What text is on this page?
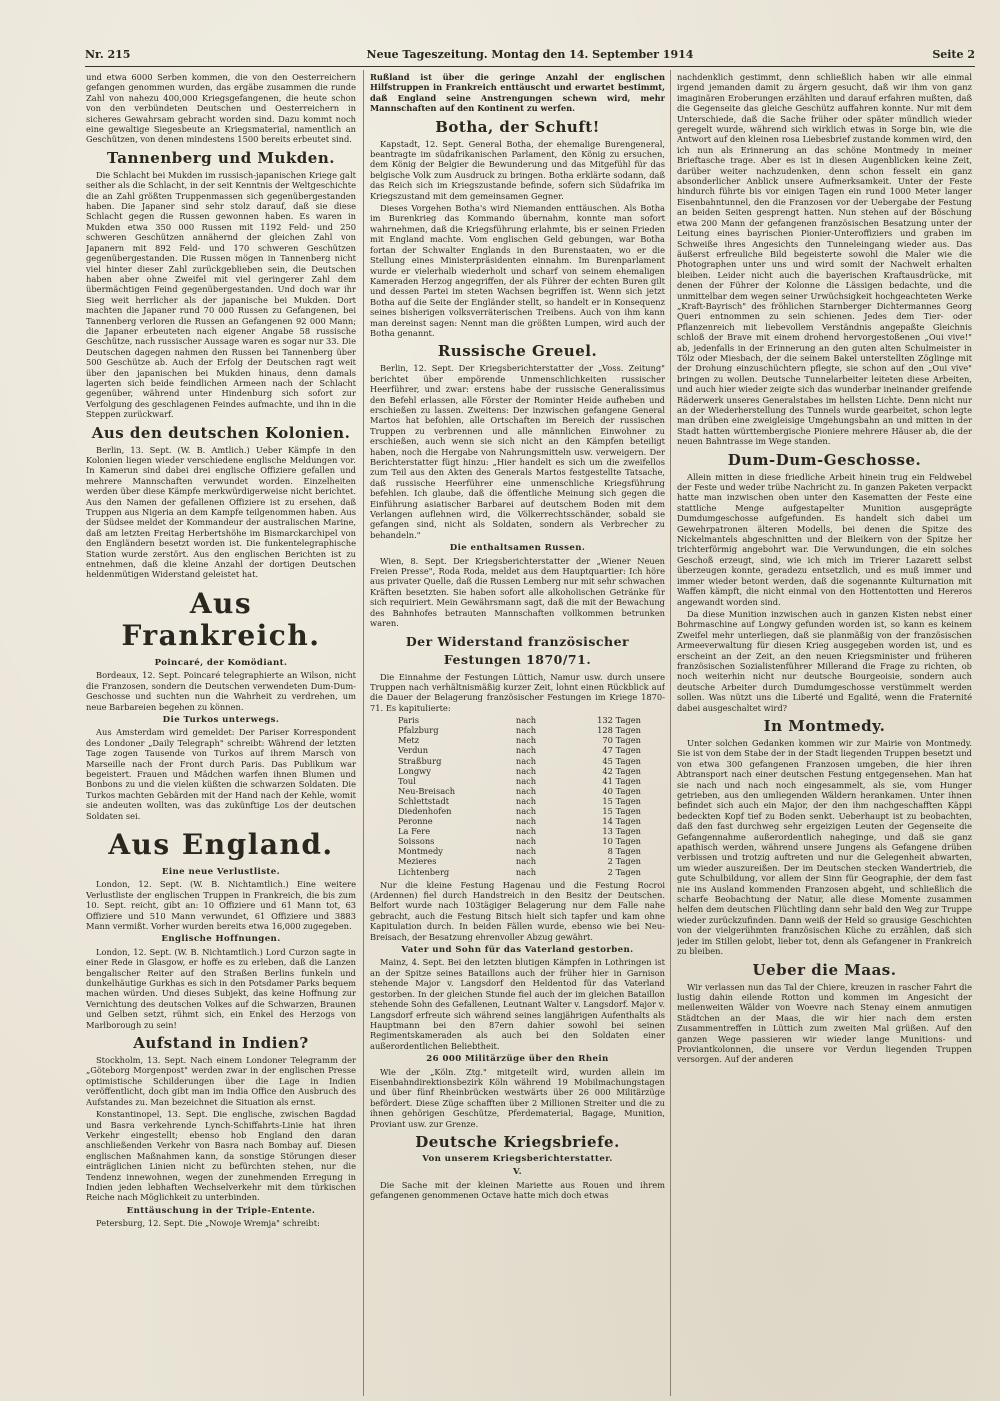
Nr. 215	Neue Tageszeitung. Montag den 14. September 1914	Seite 2

und etwa 6000 Serben kommen, die von den Oesterreichern gefangen genommen wurden, das ergäbe zusammen die runde Zahl von nahezu 400,000 Kriegsgefangenen, die heute schon von den verbündeten Deutschen und Oesterreichern in sicheres Gewahrsam gebracht worden sind. Dazu kommt noch eine gewaltige Siegesbeute an Kriegsmaterial, namentlich an Geschützen, von denen mindestens 1500 bereits erbeutet sind.

Tannenberg und Mukden.

Die Schlacht bei Mukden im russisch-japanischen Kriege galt seither als die Schlacht, in der seit Kenntnis der Weltgeschichte die an Zahl größten Truppenmassen sich gegenübergestanden haben. Die Japaner sind sehr stolz darauf, daß sie diese Schlacht gegen die Russen gewonnen haben. Es waren in Mukden etwa 350 000 Russen mit 1192 Feld- und 250 schweren Geschützen annähernd der gleichen Zahl von Japanern mit 892 Feld- und 170 schweren Geschützen gegenübergestanden. Die Russen mögen in Tannenberg nicht viel hinter dieser Zahl zurückgeblieben sein, die Deutschen haben aber ohne Zweifel mit viel geringerer Zahl dem übermächtigen Feind gegenübergestanden. Und doch war ihr Sieg weit herrlicher als der japanische bei Mukden. Dort machten die Japaner rund 70 000 Russen zu Gefangenen, bei Tannenberg verloren die Russen an Gefangenen 92 000 Mann; die Japaner erbeuteten nach eigener Angabe 58 russische Geschütze, nach russischer Aussage waren es sogar nur 33. Die Deutschen dagegen nahmen den Russen bei Tannenberg über 500 Geschütze ab. Auch der Erfolg der Deutschen ragt weit über den japanischen bei Mukden hinaus, denn damals lagerten sich beide feindlichen Armeen nach der Schlacht gegenüber, während unter Hindenburg sich sofort zur Verfolgung des geschlagenen Feindes aufmachte, und ihn in die Steppen zurückwarf.

Aus den deutschen Kolonien.

Berlin, 13. Sept. (W. B. Amtlich.) Ueber Kämpfe in den Kolonien liegen wieder verschiedene englische Meldungen vor. In Kamerun sind dabei drei englische Offiziere gefallen und mehrere Mannschaften verwundet worden. Einzelheiten werden über diese Kämpfe merkwürdigerweise nicht berichtet. Aus den Namen der gefallenen Offiziere ist zu ersehen, daß Truppen aus Nigeria an dem Kampfe teilgenommen haben. Aus der Südsee meldet der Kommandeur der australischen Marine, daß am letzten Freitag Herbertshöhe im Bismarckarchipel von den Engländern besetzt worden ist. Die funkentelegraphische Station wurde zerstört. Aus den englischen Berichten ist zu entnehmen, daß die kleine Anzahl der dortigen Deutschen heldenmütigen Widerstand geleistet hat.

Aus Frankreich.
Poincaré, der Komödiant.

Bordeaux, 12. Sept. Poincaré telegraphierte an Wilson, nicht die Franzosen, sondern die Deutschen verwendeten Dum-Dum-Geschosse und suchten nun die Wahrheit zu verdrehen, um neue Barbareien begehen zu können.

Die Turkos unterwegs.

Aus Amsterdam wird gemeldet: Der Pariser Korrespondent des Londoner „Daily Telegraph" schreibt: Während der letzten Tage zogen Tausende von Turkos auf ihrem Marsch von Marseille nach der Front durch Paris. Das Publikum war begeistert. Frauen und Mädchen warfen ihnen Blumen und Bonbons zu und die vielen küßten die schwarzen Soldaten. Die Turkos machten Gebärden mit der Hand nach der Kehle, womit sie andeuten wollten, was das zukünftige Los der deutschen Soldaten sei.

Aus England.
Eine neue Verlustliste.

London, 12. Sept. (W. B. Nichtamtlich.) Eine weitere Verlustliste der englischen Truppen in Frankreich, die bis zum 10. Sept. reicht, gibt an: 10 Offiziere und 61 Mann tot, 63 Offiziere und 510 Mann verwundet, 61 Offiziere und 3883 Mann vermißt. Vorher wurden bereits etwa 16,000 zugegeben.

Englische Hoffnungen.

London, 12. Sept. (W. B. Nichtamtlich.) Lord Curzon sagte in einer Rede in Glasgow, er hoffe es zu erleben, daß die Lanzen bengalischer Reiter auf den Straßen Berlins funkeln und dunkelhäutige Gurkhas es sich in den Potsdamer Parks bequem machen würden. Und dieses Subjekt, das keine Hoffnung zur Vernichtung des deutschen Volkes auf die Schwarzen, Braunen und Gelben setzt, rühmt sich, ein Enkel des Herzogs von Marlborough zu sein!

Aufstand in Indien?

Stockholm, 13. Sept. Nach einem Londoner Telegramm der „Göteborg Morgenpost" werden zwar in der englischen Presse optimistische Schilderungen über die Lage in Indien veröffentlicht, doch gibt man im India Office den Ausbruch des Aufstandes zu. Man bezeichnet die Situation als ernst.

Konstantinopel, 13. Sept. Die englische, zwischen Bagdad und Basra verkehrende Lynch-Schiffahrts-Linie hat ihren Verkehr eingestellt; ebenso hob England den daran anschließenden Verkehr von Basra nach Bombay auf. Diesen englischen Maßnahmen kann, da sonstige Störungen dieser einträglichen Linien nicht zu befürchten stehen, nur die Tendenz innewohnen, wegen der zunehmenden Erregung in Indien jeden lebhaften Wechselverkehr mit dem türkischen Reiche nach Möglichkeit zu unterbinden.

Enttäuschung in der Triple-Entente.

Petersburg, 12. Sept. Die „Nowoje Wremja" schreibt:

Rußland ist über die geringe Anzahl der englischen Hilfstruppen in Frankreich enttäuscht und erwartet bestimmt, daß England seine Anstrengungen schewn wird, mehr Mannschaften auf den Kontinent zu werfen.

Botha, der Schuft!

Kapstadt, 12. Sept. General Botha, der ehemalige Burengeneral, beantragte im südafrikanischen Parlament, den König zu ersuchen, dem König der Belgier die Bewunderung und das Mitgefühl für das belgische Volk zum Ausdruck zu bringen. Botha erklärte sodann, daß das Reich sich im Kriegszustande befinde, sofern sich Südafrika im Kriegszustand mit dem gemeinsamen Gegner.

Dieses Vorgehen Botha's wird Niemanden enttäuschen. Als Botha im Burenkrieg das Kommando übernahm, konnte man sofort wahrnehmen, daß die Kriegsführung erlahmte, bis er seinen Frieden mit England machte. Vom englischen Geld gebungen, war Botha fortan der Schwalter Englands in den Burenstaaten, wo er die Stellung eines Ministerpräsidenten einnahm. Im Burenparlament wurde er vielerhalb wiederholt und scharf von seinem ehemaligen Kameraden Herzog angegriffen, der als Führer der echten Buren gilt und dessen Partei im steten Wachsen begriffen ist. Wenn sich jetzt Botha auf die Seite der Engländer stellt, so handelt er in Konsequenz seines bisherigen volksverräterischen Treibens. Auch von ihm kann man dereinst sagen: Nennt man die größten Lumpen, wird auch der Botha genannt.

Russische Greuel.

Berlin, 12. Sept. Der Kriegsberichterstatter der „Voss. Zeitung" berichtet über empörende Unmenschlichkeiten russischer Heerführer, und zwar: erstens habe der russische Generalissimus den Befehl erlassen, alle Förster der Rominter Heide aufheben und erschießen zu lassen. Zweitens: Der inzwischen gefangene General Martos hat befohlen, alle Ortschaften im Bereich der russischen Truppen zu verbrennen und alle männlichen Einwohner zu erschießen, auch wenn sie sich nicht an den Kämpfen beteiligt haben, noch die Hergabe von Nahrungsmitteln usw. verweigern. Der Berichterstatter fügt hinzu: „Hier handelt es sich um die zweifellos zum Teil aus den Akten des Generals Martos festgestellte Tatsache, daß russische Heerführer eine unmenschliche Kriegsführung befehlen. Ich glaube, daß die öffentliche Meinung sich gegen die Einführung asiatischer Barbarei auf deutschem Boden mit dem Verlangen auflehnen wird, die Völkerrechtsschänder, sobald sie gefangen sind, nicht als Soldaten, sondern als Verbrecher zu behandeln."

Die enthaltsamen Russen.

Wien, 8. Sept. Der Kriegsberichterstatter der „Wiener Neuen Freien Presse", Roda Roda, meldet aus dem Hauptquartier: Ich höre aus privater Quelle, daß die Russen Lemberg nur mit sehr schwachen Kräften besetzten. Sie haben sofort alle alkoholischen Getränke für sich requiriert. Mein Gewährsmann sagt, daß die mit der Bewachung des Bahnhofes betrauten Mannschaften vollkommen betrunken waren.

Der Widerstand französischer Festungen 1870/71.

Die Einnahme der Festungen Lüttich, Namur usw. durch unsere Truppen nach verhältnismäßig kurzer Zeit, lohnt einen Rückblick auf die Dauer der Belagerung französischer Festungen im Kriege 1870-71. Es kapitulierte:

Paris	nach	132 Tagen
Pfalzburg	nach	128 Tagen
Metz	nach	70 Tagen
Verdun	nach	47 Tagen
Straßburg	nach	45 Tagen
Longwy	nach	42 Tagen
Toul	nach	41 Tagen
Neu-Breisach	nach	40 Tagen
Schlettstadt	nach	15 Tagen
Diedenhofen	nach	15 Tagen
Peronne	nach	14 Tagen
La Fere	nach	13 Tagen
Soissons	nach	10 Tagen
Montmedy	nach	8 Tagen
Mezieres	nach	2 Tagen
Lichtenberg	nach	2 Tagen

Nur die kleine Festung Hagenau und die Festung Rocroi (Ardennen) fiel durch Handstreich in den Besitz der Deutschen. Belfort wurde nach 103tägiger Belagerung nur dem Falle nahe gebracht, auch die Festung Bitsch hielt sich tapfer und kam ohne Kapitulation durch. In beiden Fällen wurde, ebenso wie bei Neu-Breisach, der Besatzung ehrenvoller Abzug gewährt.

Vater und Sohn für das Vaterland gestorben.

Mainz, 4. Sept. Bei den letzten blutigen Kämpfen in Lothringen ist an der Spitze seines Bataillons auch der früher hier in Garnison stehende Major v. Langsdorf den Heldentod für das Vaterland gestorben. In der gleichen Stunde fiel auch der im gleichen Bataillon stehende Sohn des Gefallenen, Leutnant Walter v. Langsdorf. Major v. Langsdorf erfreute sich während seines langjährigen Aufenthalts als Hauptmann bei den 87ern dahier sowohl bei seinen Regimentskameraden als auch bei den Soldaten einer außerordentlichen Beliebtheit.

26 000 Militärzüge über den Rhein

Wie der „Köln. Ztg." mitgeteilt wird, wurden allein im Eisenbahndirektionsbezirk Köln während 19 Mobilmachungstagen und über fünf Rheinbrücken westwärts über 26 000 Militärzüge befördert. Diese Züge schafften über 2 Millionen Streiter und die zu ihnen gehörigen Geschütze, Pferdematerial, Bagage, Munition, Proviant usw. zur Grenze.

Deutsche Kriegsbriefe.
Von unserem Kriegsberichterstatter.
V.

Die Sache mit der kleinen Mariette aus Rouen und ihrem gefangenen genommenen Octave hatte mich doch etwas

nachdenklich gestimmt, denn schließlich haben wir alle einmal irgend jemanden damit zu ärgern gesucht, daß wir ihm von ganz imaginären Eroberungen erzählten und darauf erfahren mußten, daß die Gegenseite das gleiche Geschütz auffahren konnte. Nur mit dem Unterschiede, daß die Sache früher oder später mündlich wieder geregelt wurde, während sich wirklich etwas in Sorge bin, wie die Antwort auf den kleinen rosa Liebesbrief zustande kommen wird, den ich nun als Erinnerung an das schöne Montmedy in meiner Brieftasche trage. Aber es ist in diesen Augenblicken keine Zeit, darüber weiter nachzudenken, denn schon fesselt ein ganz absonderlicher Anblick unsere Aufmerksamkeit. Unter der Feste hindurch führte bis vor einigen Tagen ein rund 1000 Meter langer Eisenbahntunnel, den die Franzosen vor der Uebergabe der Festung an beiden Seiten gesprengt hatten. Nun stehen auf der Böschung etwa 200 Mann der gefangenen französischen Besatzung unter der Leitung eines bayrischen Pionier-Unteroffiziers und graben im Schweiße ihres Angesichts den Tunneleingang wieder aus. Das äußerst erfreuliche Bild begeisterte sowohl die Maler wie die Photographen unter uns und wird somit der Nachwelt erhalten bleiben. Leider nicht auch die bayerischen Kraftausdrücke, mit denen der Führer der Kolonne die Lässigen bedachte, und die unmittelbar dem wegen seiner Urwüchsigkeit hochgeachteten Werke „Kraft-Bayrisch" des fröhlichen Starnberger Dichtermannes Georg Queri entnommen zu sein schienen. Jedes dem Tier- oder Pflanzenreich mit liebevollem Verständnis angepaßte Gleichnis schloß der Brave mit einem drohend hervorgestoßenen „Oui vive!" ab, jedenfalls in der Erinnerung an den guten alten Schulmeister in Tölz oder Miesbach, der die seinem Bakel unterstellten Zöglinge mit der Drohung einzuschüchtern pflegte, sie schon auf den „Oui vive" bringen zu wollen. Deutsche Tunnelarbeiter leiteten diese Arbeiten, und auch hier wieder zeigte sich das wunderbar ineinander greifende Räderwerk unseres Generalstabes im hellsten Lichte. Denn nicht nur an der Wiederherstellung des Tunnels wurde gearbeitet, schon legte man drüben eine zweigleisige Umgehungsbahn an und mitten in der Stadt hatten württembergische Pioniere mehrere Häuser ab, die der neuen Bahntrasse im Wege standen.

Dum-Dum-Geschosse.

Allein mitten in diese friedliche Arbeit hinein trug ein Feldwebel der Feste und weder trübe Nachricht zu. In ganzen Paketen verpackt hatte man inzwischen oben unter den Kasematten der Feste eine stattliche Menge aufgestapelter Munition ausgeprägte Dumdumgeschosse aufgefunden. Es handelt sich dabei um Gewehrpatronen älteren Modells, bei denen die Spitze des Nickelmantels abgeschnitten und der Bleikern von der Spitze her trichterförmig angebohrt war. Die Verwundungen, die ein solches Geschoß erzeugt, sind, wie ich mich im Trierer Lazarett selbst überzeugen konnte, geradezu entsetzlich, und es muß immer und immer wieder betont werden, daß die sogenannte Kulturnation mit Waffen kämpft, die nicht einmal von den Hottentotten und Hereros angewandt worden sind.

Da diese Munition inzwischen auch in ganzen Kisten nebst einer Bohrmaschine auf Longwy gefunden worden ist, so kann es keinem Zweifel mehr unterliegen, daß sie planmäßig von der französischen Armeeverwaltung für diesen Krieg ausgegeben worden ist, und es erscheint an der Zeit, an den neuen Kriegsminister und früheren französischen Sozialistenführer Millerand die Frage zu richten, ob noch weiterhin nicht nur deutsche Bourgeoisie, sondern auch deutsche Arbeiter durch Dumdumgeschosse verstümmelt werden sollen. Was nützt uns die Liberté und Egalité, wenn die Fraternité dabei ausgeschaltet wird?

In Montmedy.

Unter solchen Gedanken kommen wir zur Mairie von Montmedy. Sie ist von dem Stabe der in der Stadt liegenden Truppen besetzt und von etwa 300 gefangenen Franzosen umgeben, die hier ihren Abtransport nach einer deutschen Festung entgegensehen. Man hat sie nach und nach noch eingesammelt, als sie, vom Hunger getrieben, aus den umliegenden Wäldern herankamen. Unter ihnen befindet sich auch ein Major, der den ihm nachgeschafften Käppi bedeckten Kopf tief zu Boden senkt. Ueberhaupt ist zu beobachten, daß den fast durchweg sehr ergeizigen Leuten der Gegenseite die Gefangennahme außerordentlich naheginge, und daß sie ganz apathisch werden, während unsere Jungens als Gefangene drüben verbissen und trotzig auftreten und nur die Gelegenheit abwarten, um wieder auszureißen. Der im Deutschen stecken Wandertrieb, die gute Schulbildung, vor allem der Sinn für Geographie, der dem fast nie ins Ausland kommenden Franzosen abgeht, und schließlich die scharfe Beobachtung der Natur, alle diese Momente zusammen helfen dem deutschen Flüchtling dann sehr bald den Weg zur Truppe wieder zurückzufinden. Dann weiß der Held so grausige Geschichten von der vielgerühmten französischen Küche zu erzählen, daß sich jeder im Stillen gelobt, lieber tot, denn als Gefangener in Frankreich zu bleiben.

Ueber die Maas.

Wir verlassen nun das Tal der Chiere, kreuzen in rascher Fahrt die lustig dahin eilende Rotton und kommen im Angesicht der meilenweiten Wälder von Woevre nach Stenay einem anmutigen Städtchen an der Maas, die wir hier nach dem ersten Zusammentreffen in Lüttich zum zweiten Mal grüßen. Auf den ganzen Wege passieren wir wieder lange Munitions- und Proviantkolonnen, die unsere vor Verdun liegenden Truppen versorgen. Auf der anderen
